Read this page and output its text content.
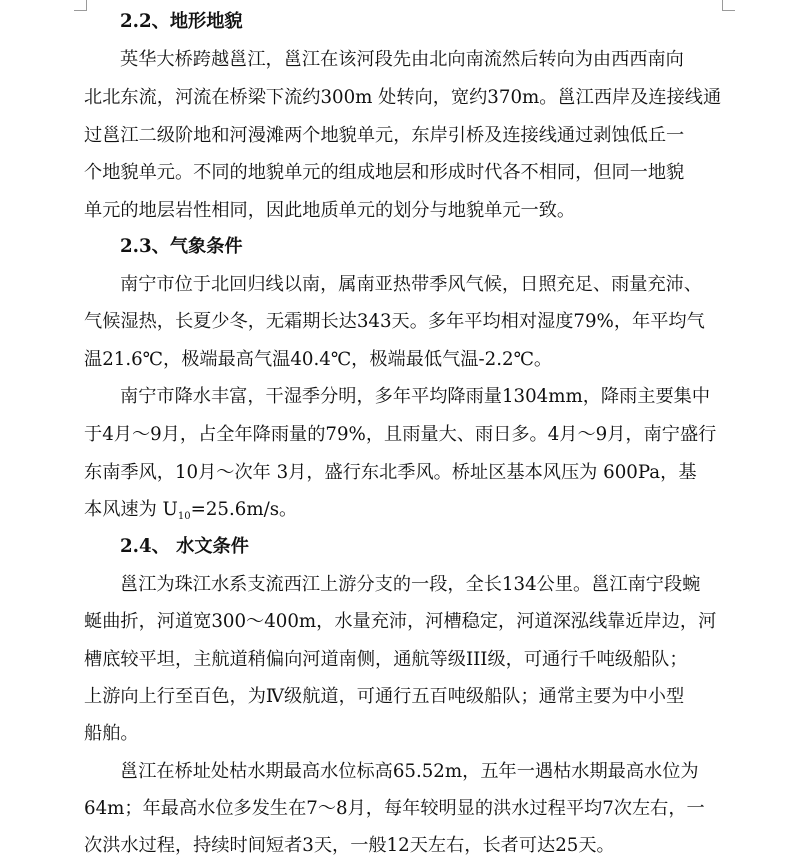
2.2、地形地貌
英华大桥跨越邕江，邕江在该河段先由北向南流然后转向为由西西南向
北北东流，河流在桥梁下流约300m 处转向，宽约370m。邕江西岸及连接线通
过邕江二级阶地和河漫滩两个地貌单元，东岸引桥及连接线通过剥蚀低丘一
个地貌单元。不同的地貌单元的组成地层和形成时代各不相同，但同一地貌
单元的地层岩性相同，因此地质单元的划分与地貌单元一致。
2.3、气象条件
南宁市位于北回归线以南，属南亚热带季风气候，日照充足、雨量充沛、
气候湿热，长夏少冬，无霜期长达343天。多年平均相对湿度79%，年平均气
温21.6℃，极端最高气温40.4℃，极端最低气温-2.2℃。
南宁市降水丰富，干湿季分明，多年平均降雨量1304mm，降雨主要集中
于4月～9月，占全年降雨量的79%，且雨量大、雨日多。4月～9月，南宁盛行
东南季风，10月～次年 3月，盛行东北季风。桥址区基本风压为 600Pa，基
本风速为 $U_{10}=25.6m/s$。
2.4、 水文条件
邕江为珠江水系支流西江上游分支的一段，全长134公里。邕江南宁段蜿
蜒曲折，河道宽300～400m，水量充沛，河槽稳定，河道深泓线靠近岸边，河
槽底较平坦，主航道稍偏向河道南侧，通航等级III级，可通行千吨级船队；
上游向上行至百色，为Ⅳ级航道，可通行五百吨级船队；通常主要为中小型
船舶。
邕江在桥址处枯水期最高水位标高65.52m，五年一遇枯水期最高水位为
64m；年最高水位多发生在7～8月，每年较明显的洪水过程平均7次左右，一
次洪水过程，持续时间短者3天，一般12天左右，长者可达25天。
